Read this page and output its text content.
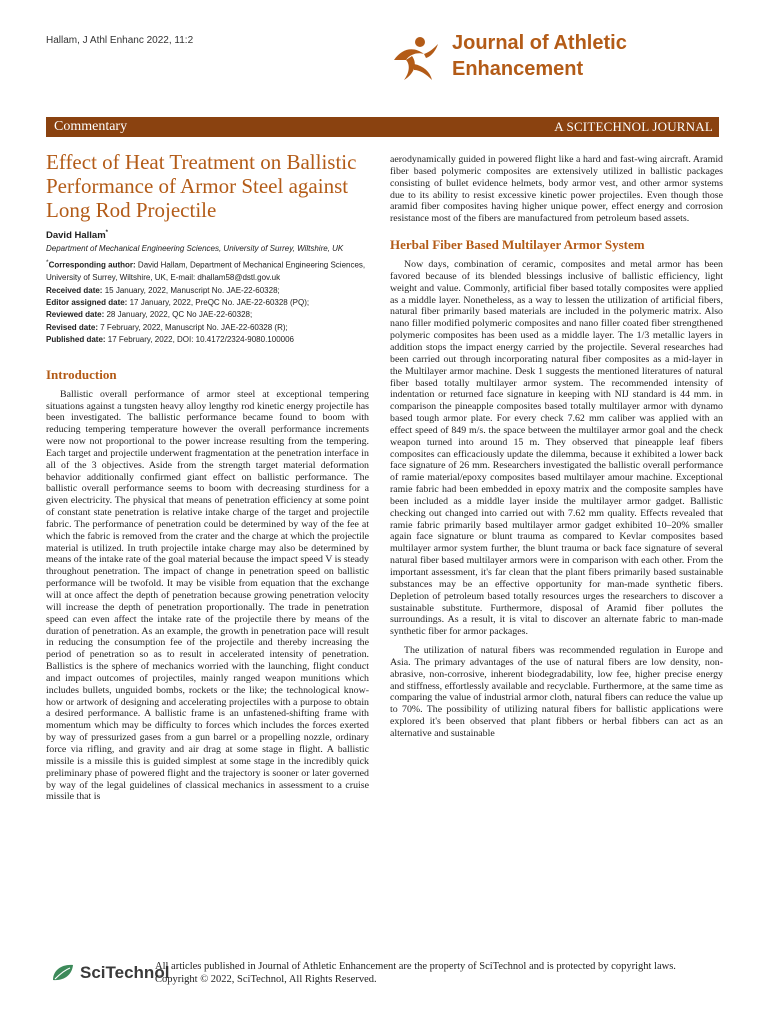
Hallam, J Athl Enhanc 2022, 11:2	Journal of Athletic
Enhancement
Commentary	A SCITECHNOL JOURNAL
Effect of Heat Treatment on Ballistic Performance of Armor Steel against Long Rod Projectile
David Hallam*
Department of Mechanical Engineering Sciences, University of Surrey, Wiltshire, UK
*Corresponding author: David Hallam, Department of Mechanical Engineering Sciences, University of Surrey, Wiltshire, UK, E-mail: dhallam58@dstl.gov.uk
Received date: 15 January, 2022, Manuscript No. JAE-22-60328;
Editor assigned date: 17 January, 2022, PreQC No. JAE-22-60328 (PQ);
Reviewed date: 28 January, 2022, QC No JAE-22-60328;
Revised date: 7 February, 2022, Manuscript No. JAE-22-60328 (R);
Published date: 17 February, 2022, DOI: 10.4172/2324-9080.100006
Introduction

Ballistic overall performance of armor steel at exceptional tempering situations against a tungsten heavy alloy lengthy rod kinetic energy projectile has been investigated. The ballistic performance became found to boom with reducing tempering temperature however the overall performance increments were now not proportional to the power increase resulting from the tempering. Each target and projectile underwent fragmentation at the penetration interface in all of the 3 objectives. Aside from the strength target material deformation behavior additionally confirmed giant effect on ballistic performance. The ballistic overall performance seems to boom with decreasing sturdiness for a given electricity. The physical that means of penetration efficiency at some point of constant state penetration is relative intake charge of the target and projectile fabric. The performance of penetration could be determined by way of the fee at which the fabric is removed from the crater and the charge at which the projectile material is utilized. In truth projectile intake charge may also be determined by means of the intake rate of the goal material because the impact speed V is steady throughout penetration. The impact of change in penetration speed on ballistic performance will be twofold. It may be visible from equation that the exchange will at once affect the depth of penetration because growing penetration velocity will increase the depth of penetration proportionally. The trade in penetration speed can even affect the intake rate of the projectile there by means of the duration of penetration. As an example, the growth in penetration pace will result in reducing the consumption fee of the projectile and thereby increasing the period of penetration so as to result in accelerated intensity of penetration. Ballistics is the sphere of mechanics worried with the launching, flight conduct and impact outcomes of projectiles, mainly ranged weapon munitions which includes bullets, unguided bombs, rockets or the like; the technological know-how or artwork of designing and accelerating projectiles with a purpose to obtain a desired performance. A ballistic frame is an unfastened-shifting frame with momentum which may be difficulty to forces which includes the forces exerted by way of pressurized gases from a gun barrel or a propelling nozzle, ordinary force via rifling, and gravity and air drag at some stage in flight. A ballistic missile is a missile this is guided simplest at some stage in the incredibly quick preliminary phase of powered flight and the trajectory is sooner or later governed by way of the legal guidelines of classical mechanics in assessment to a cruise missile that is

aerodynamically guided in powered flight like a hard and fast-wing aircraft. Aramid fiber based polymeric composites are extensively utilized in ballistic packages consisting of bullet evidence helmets, body armor vest, and other armor systems due to its ability to resist excessive kinetic power projectiles. Even though those aramid fiber composites having higher unique power, effect energy and corrosion resistance most of the fibers are manufactured from petroleum based assets.

Herbal Fiber Based Multilayer Armor System

Now days, combination of ceramic, composites and metal armor has been favored because of its blended blessings inclusive of ballistic efficiency, light weight and value. Commonly, artificial fiber based totally composites were applied as a middle layer. Nonetheless, as a way to lessen the utilization of artificial fibers, natural fiber primarily based materials are included in the polymeric matrix. Also nano filler modified polymeric composites and nano filler coated fiber strengthened polymeric composites has been used as a middle layer. The 1/3 metallic layers in addition stops the impact energy carried by the projectile. Several researches had been carried out through incorporating natural fiber composites as a mid-layer in the Multilayer armor machine. Desk 1 suggests the mentioned literatures of natural fiber based totally multilayer armor system. The recommended intensity of indentation or returned face signature in keeping with NIJ standard is 44 mm. in comparison the pineapple composites based totally multilayer armor with dynamo based tough armor plate. For every check 7.62 mm caliber was applied with an effect speed of 849 m/s. the space between the multilayer armor goal and the check weapon turned into around 15 m. They observed that pineapple leaf fibers composites can efficaciously update the dilemma, because it exhibited a lower back face signature of 26 mm. Researchers investigated the ballistic overall performance of ramie material/epoxy composites based multilayer amour machine. Exceptional ramie fabric had been embedded in epoxy matrix and the composite samples have been included as a middle layer inside the multilayer armor gadget. Ballistic checking out changed into carried out with 7.62 mm quality. Effects revealed that ramie fabric primarily based multilayer armor gadget exhibited 10–20% smaller again face signature or blunt trauma as compared to Kevlar composites based multilayer armor system further, the blunt trauma or back face signature of several natural fiber based multilayer armors were in comparison with each other. From the important assessment, it's far clean that the plant fibers primarily based sustainable substances may be an effective opportunity for man-made synthetic fibers. Depletion of petroleum based totally resources urges the researchers to discover a sustainable substitute. Furthermore, disposal of Aramid fiber pollutes the surroundings. As a result, it is vital to discover an alternate fabric to man-made synthetic fiber for armor packages.

The utilization of natural fibers was recommended regulation in Europe and Asia. The primary advantages of the use of natural fibers are low density, non-abrasive, non-corrosive, inherent biodegradability, low fee, higher precise energy and stiffness, effortlessly available and recyclable. Furthermore, at the same time as comparing the value of industrial armor cloth, natural fibers can reduce the value up to 70%. The possibility of utilizing natural fibers for ballistic applications were explored it's been observed that plant fibbers or herbal fibbers can act as an alternative and sustainable

SciTechnol
All articles published in Journal of Athletic Enhancement are the property of SciTechnol and is protected by copyright laws. Copyright © 2022, SciTechnol, All Rights Reserved.
